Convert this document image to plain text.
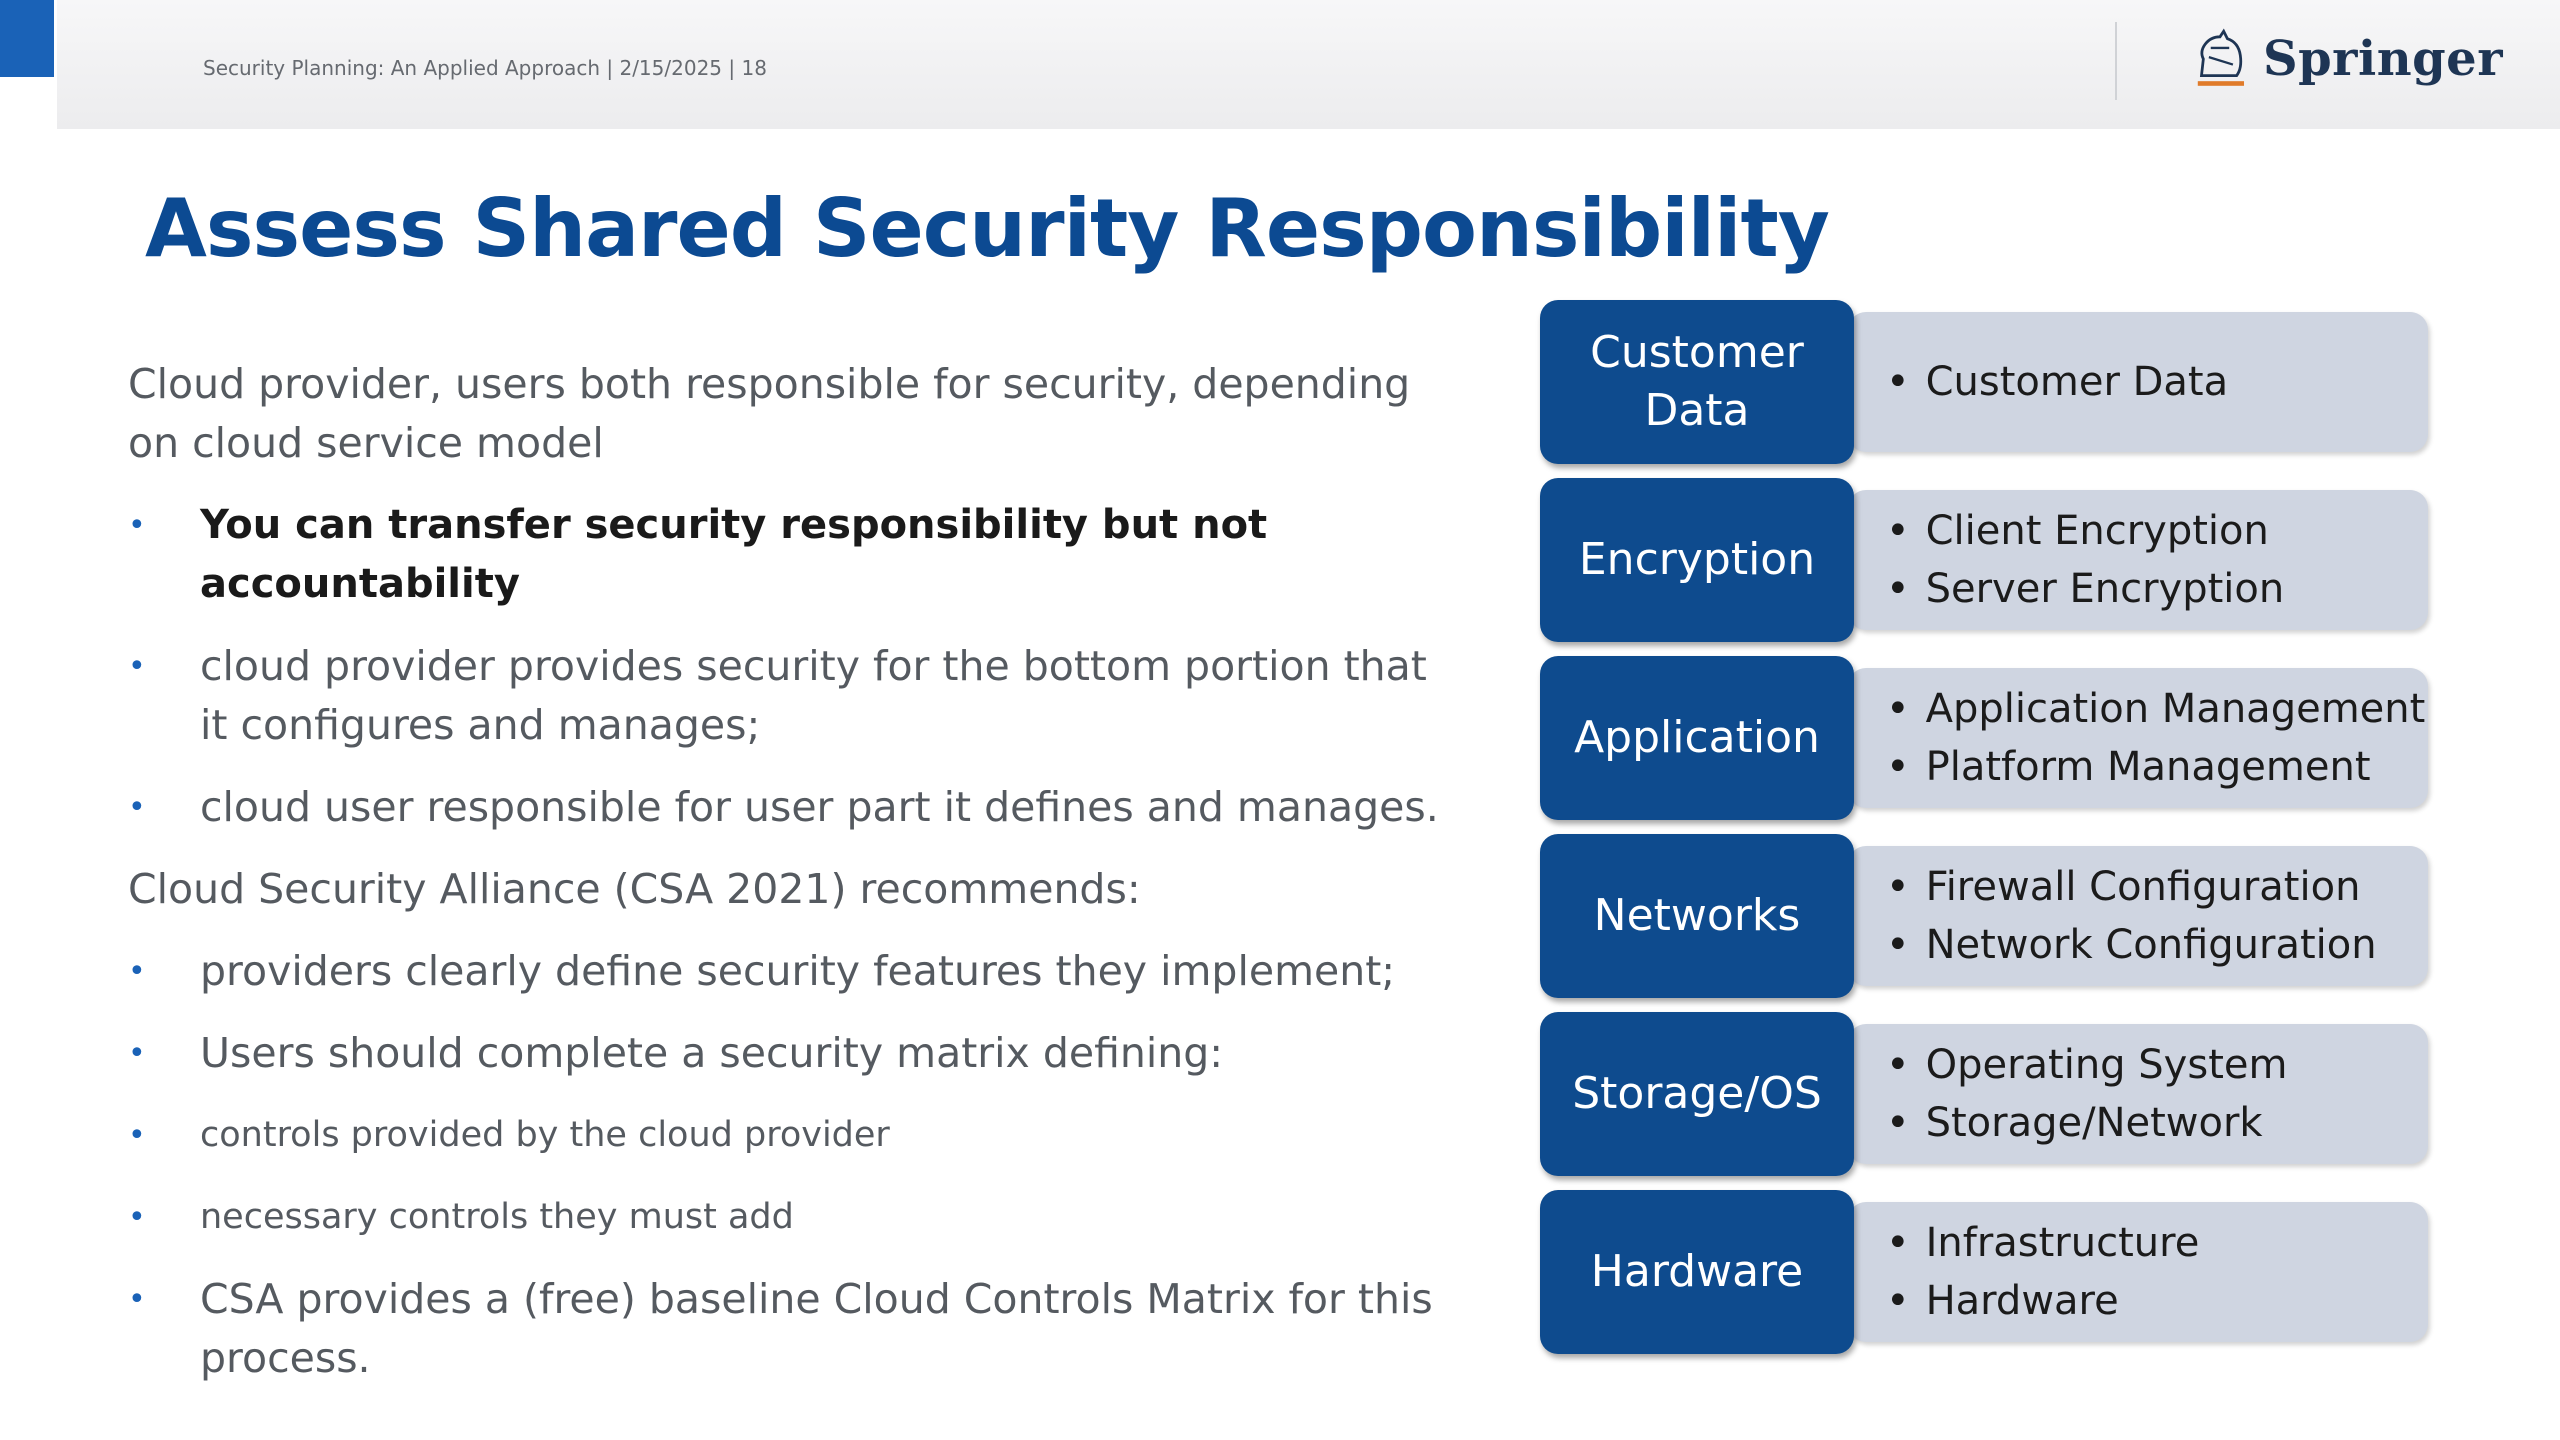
Security Planning: An Applied Approach | 2/15/2025 | 18	Springer
Assess Shared Security Responsibility

Cloud provider, users both responsible for security, depending on cloud service model

•	You can transfer security responsibility but not accountability
•	cloud provider provides security for the bottom portion that it configures and manages;
•	cloud user responsible for user part it defines and manages.

Cloud Security Alliance (CSA 2021) recommends:

•	providers clearly define security features they implement;
•	Users should complete a security matrix defining:
•	controls provided by the cloud provider
•	necessary controls they must add
•	CSA provides a (free) baseline Cloud Controls Matrix for this process.
• Customer Data
Customer
Data
• Client Encryption
• Server Encryption
Encryption
• Application Management
• Platform Management
Application
• Firewall Configuration
• Network Configuration
Networks
• Operating System
• Storage/Network
Storage/OS
• Infrastructure
• Hardware
Hardware
